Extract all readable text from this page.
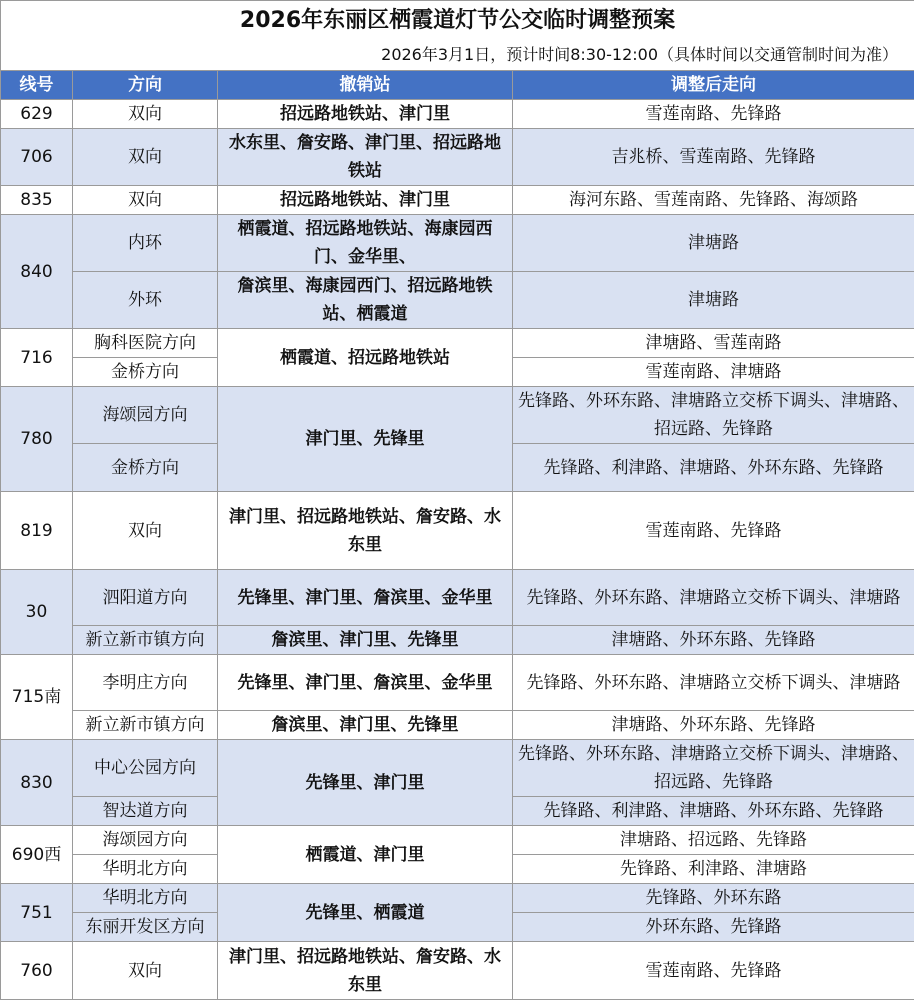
2026年东丽区栖霞道灯节公交临时调整预案			
2026年3月1日，预计时间8:30-12:00（具体时间以交通管制时间为准）			
线号	方向	撤销站	调整后走向
629	双向	招远路地铁站、津门里	雪莲南路、先锋路
706	双向	水东里、詹安路、津门里、招远路地铁站	吉兆桥、雪莲南路、先锋路
835	双向	招远路地铁站、津门里	海河东路、雪莲南路、先锋路、海颂路
840	内环	栖霞道、招远路地铁站、海康园西门、金华里、	津塘路
	外环	詹滨里、海康园西门、招远路地铁站、栖霞道	津塘路
716	胸科医院方向	栖霞道、招远路地铁站	津塘路、雪莲南路
	金桥方向		雪莲南路、津塘路
780	海颂园方向	津门里、先锋里	先锋路、外环东路、津塘路立交桥下调头、津塘路、招远路、先锋路
	金桥方向		先锋路、利津路、津塘路、外环东路、先锋路
819	双向	津门里、招远路地铁站、詹安路、水东里	雪莲南路、先锋路
30	泗阳道方向	先锋里、津门里、詹滨里、金华里	先锋路、外环东路、津塘路立交桥下调头、津塘路
	新立新市镇方向	詹滨里、津门里、先锋里	津塘路、外环东路、先锋路
715南	李明庄方向	先锋里、津门里、詹滨里、金华里	先锋路、外环东路、津塘路立交桥下调头、津塘路
	新立新市镇方向	詹滨里、津门里、先锋里	津塘路、外环东路、先锋路
830	中心公园方向	先锋里、津门里	先锋路、外环东路、津塘路立交桥下调头、津塘路、招远路、先锋路
	智达道方向		先锋路、利津路、津塘路、外环东路、先锋路
690西	海颂园方向	栖霞道、津门里	津塘路、招远路、先锋路
	华明北方向		先锋路、利津路、津塘路
751	华明北方向	先锋里、栖霞道	先锋路、外环东路
	东丽开发区方向		外环东路、先锋路
760	双向	津门里、招远路地铁站、詹安路、水东里	雪莲南路、先锋路
